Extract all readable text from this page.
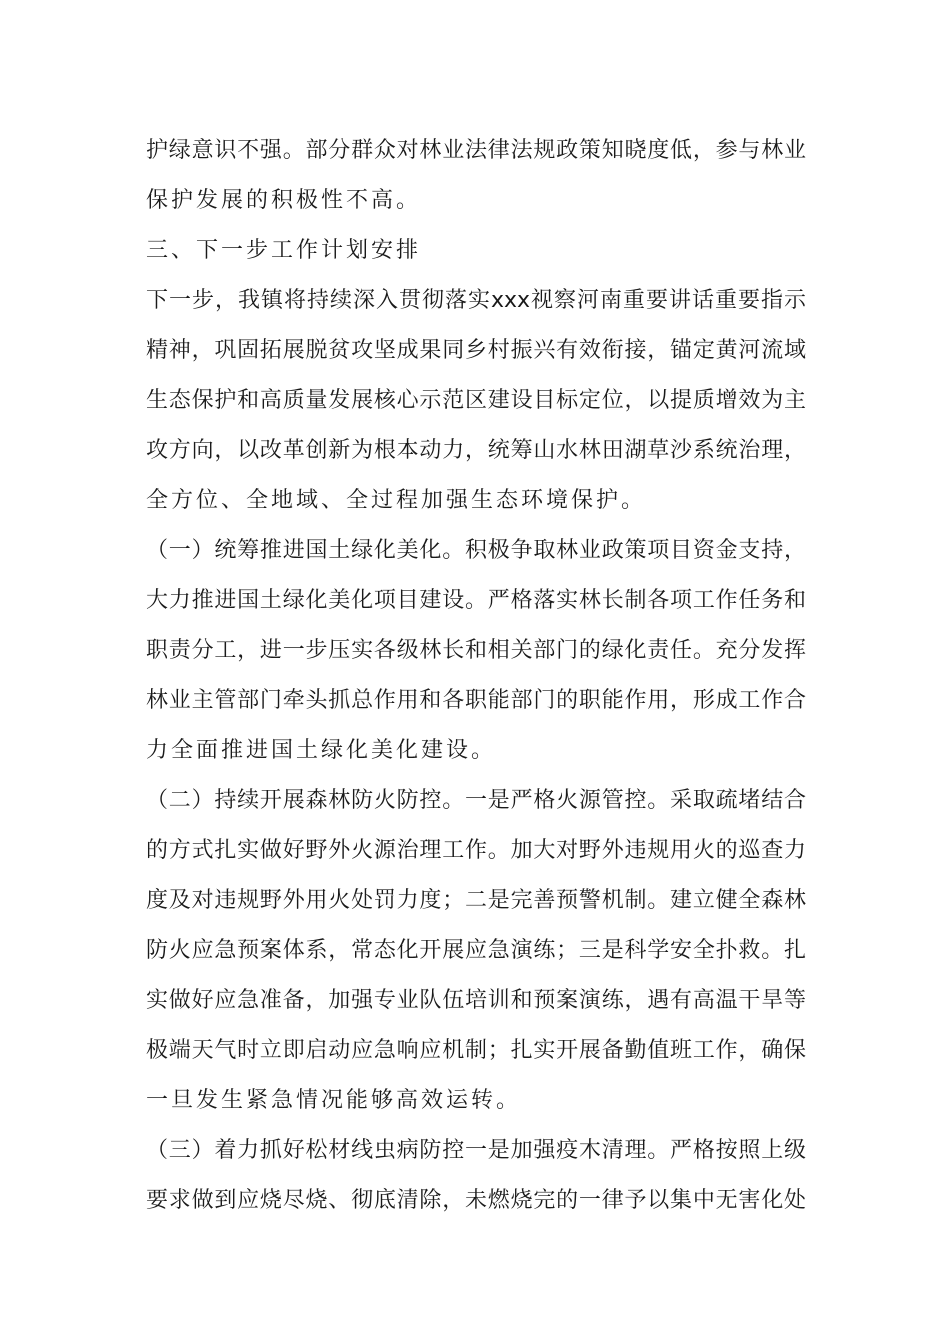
护绿意识不强。部分群众对林业法律法规政策知晓度低，参与林业

保护发展的积极性不高。

三、下一步工作计划安排

下一步，我镇将持续深入贯彻落实xxx视察河南重要讲话重要指示

精神，巩固拓展脱贫攻坚成果同乡村振兴有效衔接，锚定黄河流域

生态保护和高质量发展核心示范区建设目标定位，以提质增效为主

攻方向，以改革创新为根本动力，统筹山水林田湖草沙系统治理，

全方位、全地域、全过程加强生态环境保护。

（一）统筹推进国土绿化美化。积极争取林业政策项目资金支持，

大力推进国土绿化美化项目建设。严格落实林长制各项工作任务和

职责分工，进一步压实各级林长和相关部门的绿化责任。充分发挥

林业主管部门牵头抓总作用和各职能部门的职能作用，形成工作合

力全面推进国土绿化美化建设。

（二）持续开展森林防火防控。一是严格火源管控。采取疏堵结合

的方式扎实做好野外火源治理工作。加大对野外违规用火的巡查力

度及对违规野外用火处罚力度；二是完善预警机制。建立健全森林

防火应急预案体系，常态化开展应急演练；三是科学安全扑救。扎

实做好应急准备，加强专业队伍培训和预案演练，遇有高温干旱等

极端天气时立即启动应急响应机制；扎实开展备勤值班工作，确保

一旦发生紧急情况能够高效运转。

（三）着力抓好松材线虫病防控一是加强疫木清理。严格按照上级

要求做到应烧尽烧、彻底清除，未燃烧完的一律予以集中无害化处
